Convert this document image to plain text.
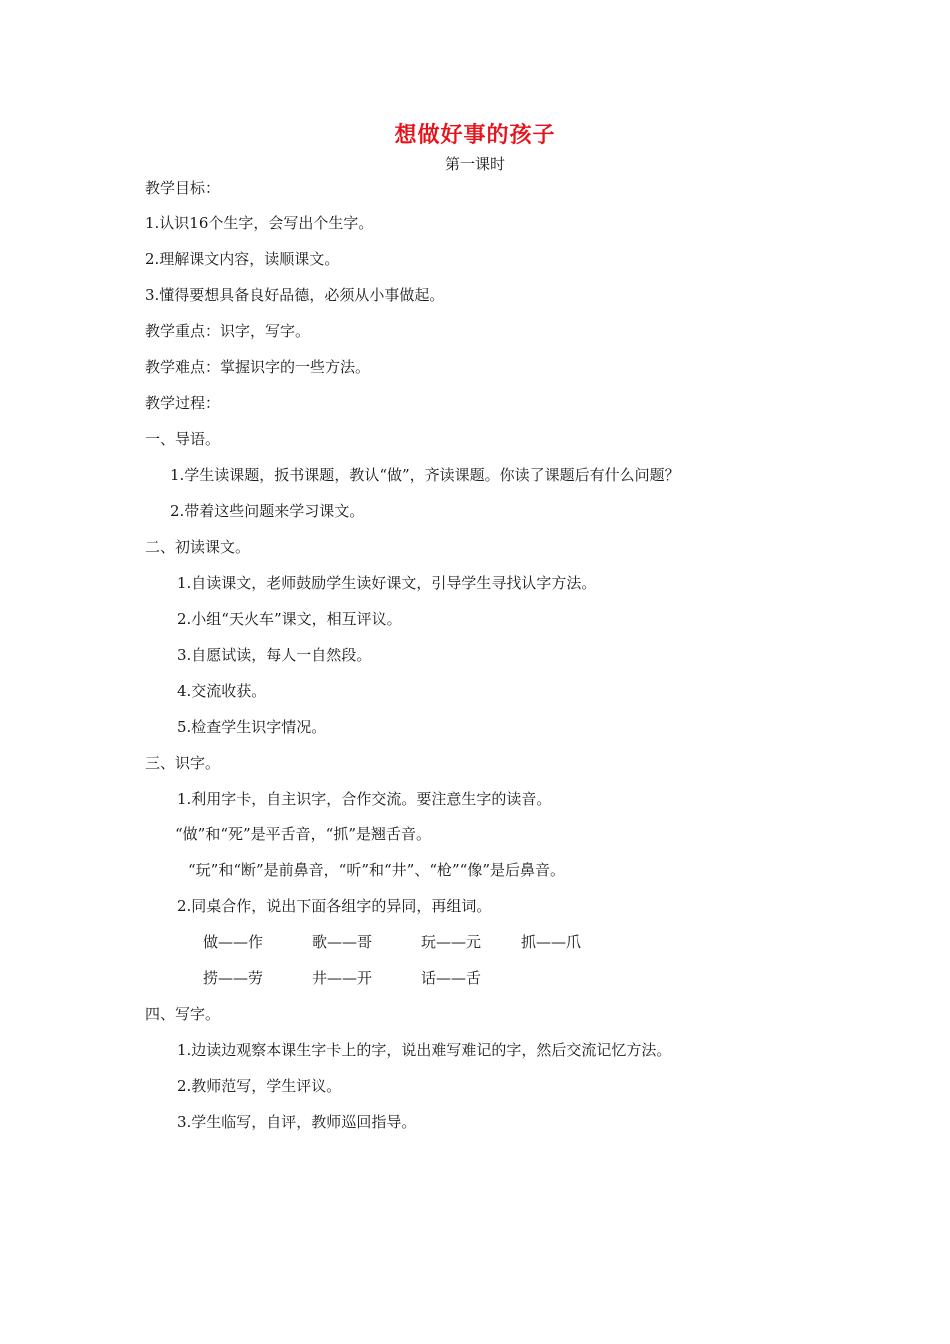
想做好事的孩子
第一课时
教学目标：
1.认识16个生字，会写出个生字。
2.理解课文内容，读顺课文。
3.懂得要想具备良好品德，必须从小事做起。
教学重点：识字，写字。
教学难点：掌握识字的一些方法。
教学过程：
一、导语。
1.学生读课题，扳书课题，教认“做”，齐读课题。你读了课题后有什么问题？
2.带着这些问题来学习课文。
二、初读课文。
1.自读课文，老师鼓励学生读好课文，引导学生寻找认字方法。
2.小组“天火车”课文，相互评议。
3.自愿试读，每人一自然段。
4.交流收获。
5.检查学生识字情况。
三、识字。
1.利用字卡，自主识字，合作交流。要注意生字的读音。
“做”和“死”是平舌音，“抓”是翘舌音。
“玩”和“断”是前鼻音，“听”和“井”、“枪”“像”是后鼻音。
2.同桌合作，说出下面各组字的异同，再组词。
做——作	歌——哥	玩——元	抓——爪
捞——劳	井——开	话——舌
四、写字。
1.边读边观察本课生字卡上的字，说出难写难记的字，然后交流记忆方法。
2.教师范写，学生评议。
3.学生临写，自评，教师巡回指导。
